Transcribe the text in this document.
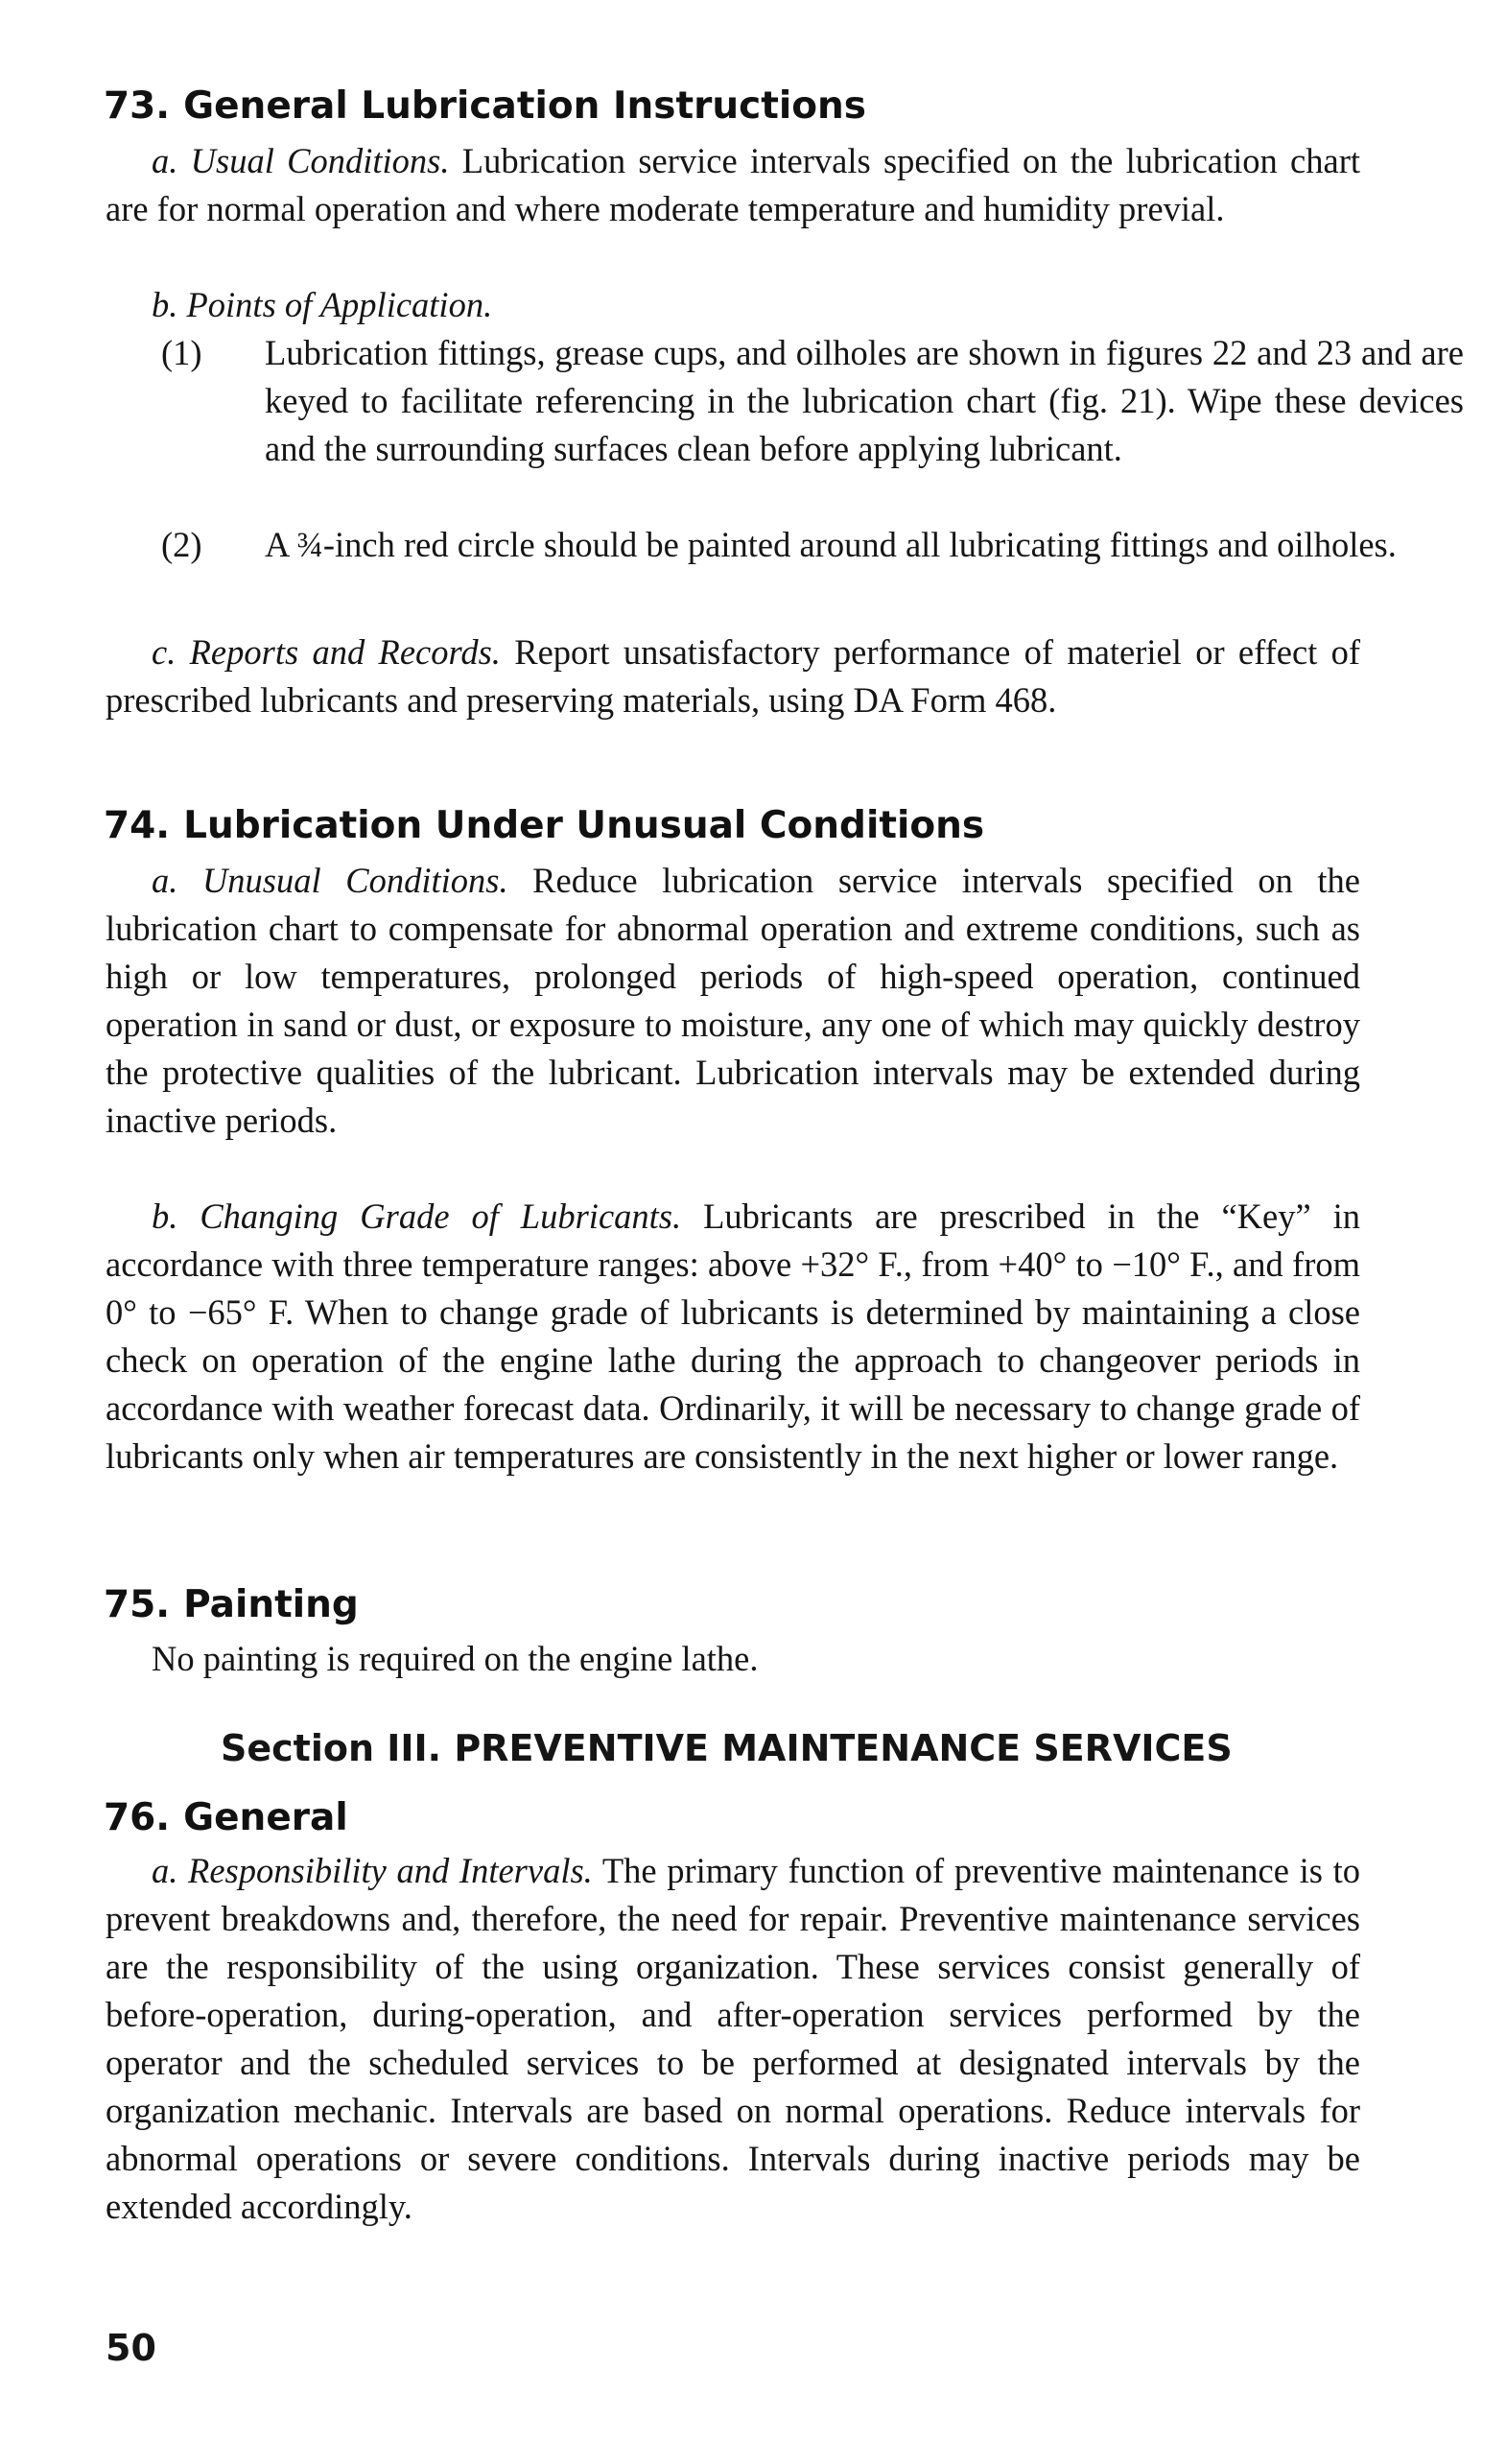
73. General Lubrication Instructions

a. Usual Conditions. Lubrication service intervals specified on the lubrication chart are for normal operation and where moderate temperature and humidity previal.

b. Points of Application.

(1) Lubrication fittings, grease cups, and oilholes are shown in figures 22 and 23 and are keyed to facilitate referencing in the lubrication chart (fig. 21). Wipe these devices and the surrounding surfaces clean before applying lubricant.

(2) A ¾-inch red circle should be painted around all lubricating fittings and oilholes.

c. Reports and Records. Report unsatisfactory performance of materiel or effect of prescribed lubricants and preserving materials, using DA Form 468.

74. Lubrication Under Unusual Conditions

a. Unusual Conditions. Reduce lubrication service intervals specified on the lubrication chart to compensate for abnormal operation and extreme conditions, such as high or low temperatures, prolonged periods of high-speed operation, continued operation in sand or dust, or exposure to moisture, any one of which may quickly destroy the protective qualities of the lubricant. Lubrication intervals may be extended during inactive periods.

b. Changing Grade of Lubricants. Lubricants are prescribed in the “Key” in accordance with three temperature ranges: above +32° F., from +40° to −10° F., and from 0° to −65° F. When to change grade of lubricants is determined by maintaining a close check on operation of the engine lathe during the approach to changeover periods in accordance with weather forecast data. Ordinarily, it will be necessary to change grade of lubricants only when air temperatures are consistently in the next higher or lower range.

75. Painting

No painting is required on the engine lathe.

Section III. PREVENTIVE MAINTENANCE SERVICES
76. General

a. Responsibility and Intervals. The primary function of preventive maintenance is to prevent breakdowns and, therefore, the need for repair. Preventive maintenance services are the responsibility of the using organization. These services consist generally of before-operation, during-operation, and after-operation services performed by the operator and the scheduled services to be performed at designated intervals by the organization mechanic. Intervals are based on normal operations. Reduce intervals for abnormal operations or severe conditions. Intervals during inactive periods may be extended accordingly.

50
